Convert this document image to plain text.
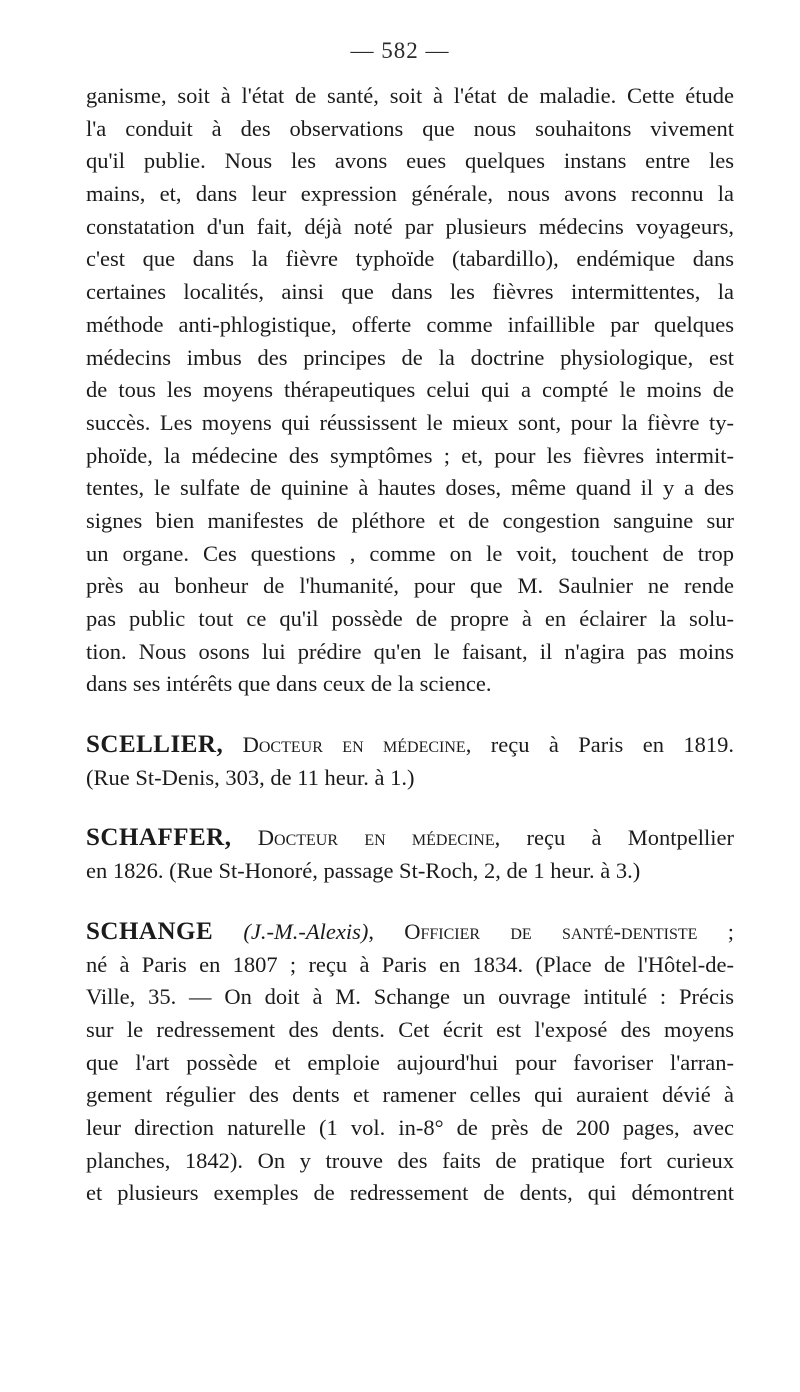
— 582 —
ganisme, soit à l'état de santé, soit à l'état de maladie. Cette étude
l'a conduit à des observations que nous souhaitons vivement
qu'il publie. Nous les avons eues quelques instans entre les
mains, et, dans leur expression générale, nous avons reconnu la
constatation d'un fait, déjà noté par plusieurs médecins voyageurs,
c'est que dans la fièvre typhoïde (tabardillo), endémique dans
certaines localités, ainsi que dans les fièvres intermittentes, la
méthode anti-phlogistique, offerte comme infaillible par quelques
médecins imbus des principes de la doctrine physiologique, est
de tous les moyens thérapeutiques celui qui a compté le moins de
succès. Les moyens qui réussissent le mieux sont, pour la fièvre ty-
phoïde, la médecine des symptômes ; et, pour les fièvres intermit-
tentes, le sulfate de quinine à hautes doses, même quand il y a des
signes bien manifestes de pléthore et de congestion sanguine sur
un organe. Ces questions , comme on le voit, touchent de trop
près au bonheur de l'humanité, pour que M. Saulnier ne rende
pas public tout ce qu'il possède de propre à en éclairer la solu-
tion. Nous osons lui prédire qu'en le faisant, il n'agira pas moins
dans ses intérêts que dans ceux de la science.
SCELLIER, Docteur en médecine, reçu à Paris en 1819.
(Rue St-Denis, 303, de 11 heur. à 1.)
SCHAFFER, Docteur en médecine, reçu à Montpellier
en 1826. (Rue St-Honoré, passage St-Roch, 2, de 1 heur. à 3.)
SCHANGE (J.-M.-Alexis), Officier de santé-dentiste ;
né à Paris en 1807 ; reçu à Paris en 1834. (Place de l'Hôtel-de-
Ville, 35. — On doit à M. Schange un ouvrage intitulé : Précis
sur le redressement des dents. Cet écrit est l'exposé des moyens
que l'art possède et emploie aujourd'hui pour favoriser l'arran-
gement régulier des dents et ramener celles qui auraient dévié à
leur direction naturelle (1 vol. in-8° de près de 200 pages, avec
planches, 1842). On y trouve des faits de pratique fort curieux
et plusieurs exemples de redressement de dents, qui démontrent
